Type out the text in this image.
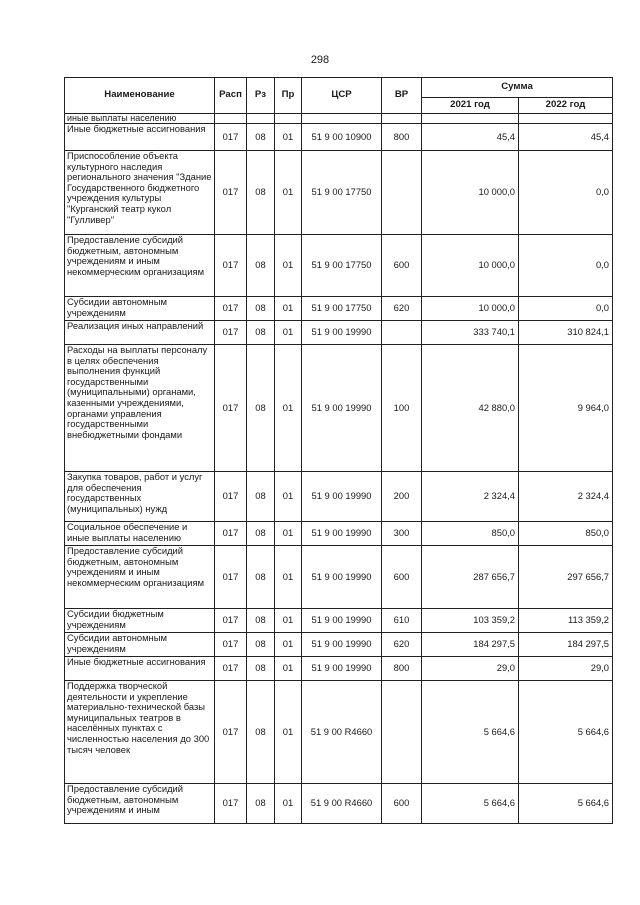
298
Наименование	Расп	Рз	Пр	ЦСР	ВР	Сумма	
						2021 год	2022 год
иные выплаты населению							
Иные бюджетные ассигнования	017	08	01	51 9 00 10900	800	45,4	45,4
Приспособление объекта культурного наследия регионального значения "Здание Государственного бюджетного учреждения культуры "Курганский театр кукол "Гулливер"	017	08	01	51 9 00 17750		10 000,0	0,0
Предоставление субсидий бюджетным, автономным учреждениям и иным некоммерческим организациям	017	08	01	51 9 00 17750	600	10 000,0	0,0
Субсидии автономным учреждениям	017	08	01	51 9 00 17750	620	10 000,0	0,0
Реализация иных направлений	017	08	01	51 9 00 19990		333 740,1	310 824,1
Расходы на выплаты персоналу в целях обеспечения выполнения функций государственными (муниципальными) органами, казенными учреждениями, органами управления государственными внебюджетными фондами	017	08	01	51 9 00 19990	100	42 880,0	9 964,0
Закупка товаров, работ и услуг для обеспечения государственных (муниципальных) нужд	017	08	01	51 9 00 19990	200	2 324,4	2 324,4
Социальное обеспечение и иные выплаты населению	017	08	01	51 9 00 19990	300	850,0	850,0
Предоставление субсидий бюджетным, автономным учреждениям и иным некоммерческим организациям	017	08	01	51 9 00 19990	600	287 656,7	297 656,7
Субсидии бюджетным учреждениям	017	08	01	51 9 00 19990	610	103 359,2	113 359,2
Субсидии автономным учреждениям	017	08	01	51 9 00 19990	620	184 297,5	184 297,5
Иные бюджетные ассигнования	017	08	01	51 9 00 19990	800	29,0	29,0
Поддержка творческой деятельности и укрепление материально-технической базы муниципальных театров в населённых пунктах с численностью населения до 300 тысяч человек	017	08	01	51 9 00 R4660		5 664,6	5 664,6
Предоставление субсидий бюджетным, автономным учреждениям и иным	017	08	01	51 9 00 R4660	600	5 664,6	5 664,6
